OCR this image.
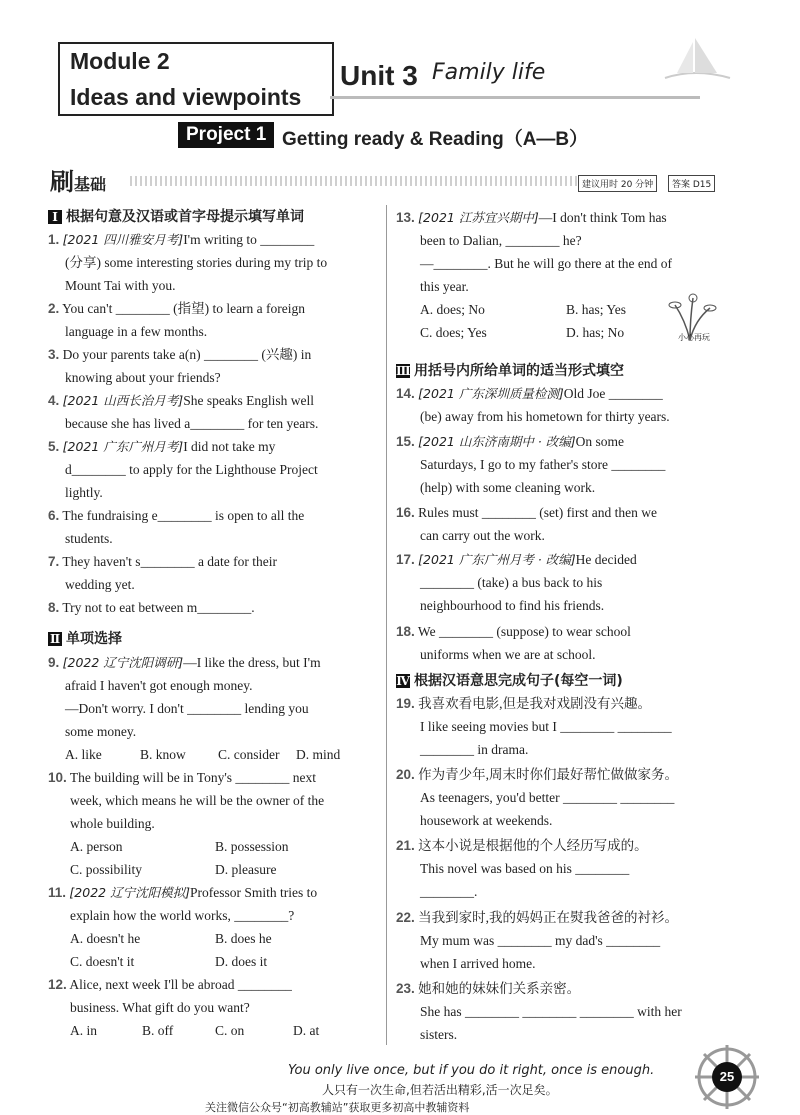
Module 2
Ideas and viewpoints
Unit 3 Family life
Project 1 Getting ready & Reading（A—B）
刷基础	建议用时 20 分钟	答案 D15
Ⅰ 根据句意及汉语或首字母提示填写单词
1. [2021 四川雅安月考]I'm writing to ________
(分享) some interesting stories during my trip to
Mount Tai with you.
2. You can't ________ (指望) to learn a foreign
language in a few months.
3. Do your parents take a(n) ________ (兴趣) in
knowing about your friends?
4. [2021 山西长治月考]She speaks English well
because she has lived a________ for ten years.
5. [2021 广东广州月考]I did not take my
d________ to apply for the Lighthouse Project
lightly.
6. The fundraising e________ is open to all the
students.
7. They haven't s________ a date for their
wedding yet.
8. Try not to eat between m________.
Ⅱ 单项选择
9. [2022 辽宁沈阳调研]—I like the dress, but I'm
afraid I haven't got enough money.
—Don't worry. I don't ________ lending you
some money.
A. like	B. know C. consider D. mind
10. The building will be in Tony's ________ next
week, which means he will be the owner of the
whole building.
A. person	B. possession
C. possibility	D. pleasure
11. [2022 辽宁沈阳模拟]Professor Smith tries to
explain how the world works, ________?
A. doesn't he	B. does he
C. doesn't it	D. does it
12. Alice, next week I'll be abroad ________
business. What gift do you want?
A. in	B. off	C. on	D. at
13. [2021 江苏宜兴期中]—I don't think Tom has
been to Dalian, ________ he?
—________. But he will go there at the end of
this year.
A. does; No	B. has; Yes
C. does; Yes	D. has; No	小心再玩
Ⅲ 用括号内所给单词的适当形式填空
14. [2021 广东深圳质量检测]Old Joe ________
(be) away from his hometown for thirty years.
15. [2021 山东济南期中 · 改编]On some
Saturdays, I go to my father's store ________
(help) with some cleaning work.
16. Rules must ________ (set) first and then we
can carry out the work.
17. [2021 广东广州月考 · 改编]He decided
________ (take) a bus back to his
neighbourhood to find his friends.
18. We ________ (suppose) to wear school
uniforms when we are at school.
Ⅳ 根据汉语意思完成句子(每空一词)
19. 我喜欢看电影,但是我对戏剧没有兴趣。
I like seeing movies but I ________ ________
________ in drama.
20. 作为青少年,周末时你们最好帮忙做做家务。
As teenagers, you'd better ________ ________
housework at weekends.
21. 这本小说是根据他的个人经历写成的。
This novel was based on his ________
________.
22. 当我到家时,我的妈妈正在熨我爸爸的衬衫。
My mum was ________ my dad's ________
when I arrived home.
23. 她和她的妹妹们关系亲密。
She has ________ ________ ________ with her
sisters.
You only live once, but if you do it right, once is enough.
人只有一次生命,但若活出精彩,活一次足矣。
关注微信公众号“初高教辅站”获取更多初高中教辅资料
25
